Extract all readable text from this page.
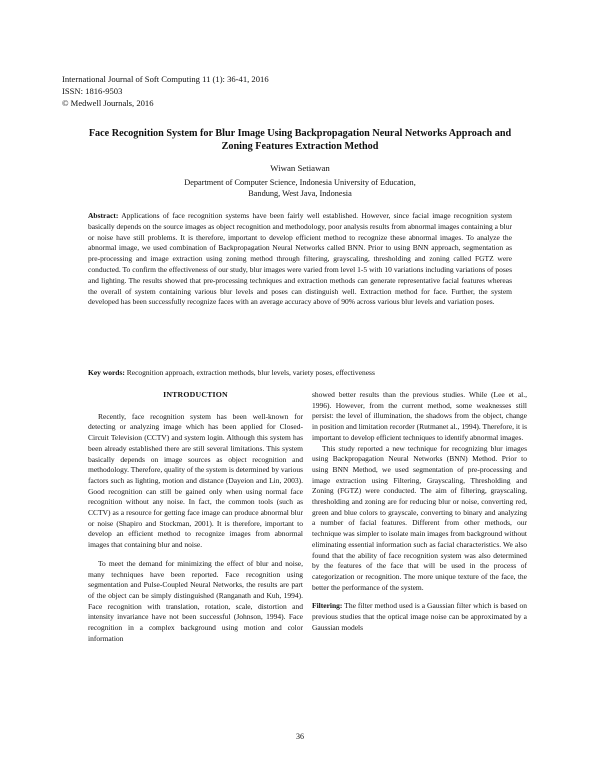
International Journal of Soft Computing 11 (1): 36-41, 2016
ISSN: 1816-9503
© Medwell Journals, 2016
Face Recognition System for Blur Image Using Backpropagation Neural Networks Approach and Zoning Features Extraction Method
Wiwan Setiawan
Department of Computer Science, Indonesia University of Education,
Bandung, West Java, Indonesia
Abstract: Applications of face recognition systems have been fairly well established. However, since facial image recognition system basically depends on the source images as object recognition and methodology, poor analysis results from abnormal images containing a blur or noise have still problems. It is therefore, important to develop efficient method to recognize these abnormal images. To analyze the abnormal image, we used combination of Backpropagation Neural Networks called BNN. Prior to using BNN approach, segmentation as pre-processing and image extraction using zoning method through filtering, grayscaling, thresholding and zoning called FGTZ were conducted. To confirm the effectiveness of our study, blur images were varied from level 1-5 with 10 variations including variations of poses and lighting. The results showed that pre-processing techniques and extraction methods can generate representative facial features whereas the overall of system containing various blur levels and poses can distinguish well. Extraction method for face. Further, the system developed has been successfully recognize faces with an average accuracy above of 90% across various blur levels and variation poses.
Key words: Recognition approach, extraction methods, blur levels, variety poses, effectiveness
INTRODUCTION

Recently, face recognition system has been well-known for detecting or analyzing image which has been applied for Closed-Circuit Television (CCTV) and system login. Although this system has been already established there are still several limitations. This system basically depends on image sources as object recognition and methodology. Therefore, quality of the system is determined by various factors such as lighting, motion and distance (Dayeion and Lin, 2003). Good recognition can still be gained only when using normal face recognition without any noise. In fact, the common tools (such as CCTV) as a resource for getting face image can produce abnormal blur or noise (Shapiro and Stockman, 2001). It is therefore, important to develop an efficient method to recognize images from abnormal images that containing blur and noise.

To meet the demand for minimizing the effect of blur and noise, many techniques have been reported. Face recognition using segmentation and Pulse-Coupled Neural Networks, the results are part of the object can be simply distinguished (Ranganath and Kuh, 1994). Face recognition with translation, rotation, scale, distortion and intensity invariance have not been successful (Johnson, 1994). Face recognition in a complex background using motion and color information

showed better results than the previous studies. While (Lee et al., 1996). However, from the current method, some weaknesses still persist: the level of illumination, the shadows from the object, change in position and limitation recorder (Rutmanet al., 1994). Therefore, it is important to develop efficient techniques to identify abnormal images.

This study reported a new technique for recognizing blur images using Backpropagation Neural Networks (BNN) Method. Prior to using BNN Method, we used segmentation of pre-processing and image extraction using Filtering, Grayscaling, Thresholding and Zoning (FGTZ) were conducted. The aim of filtering, grayscaling, thresholding and zoning are for reducing blur or noise, converting red, green and blue colors to grayscale, converting to binary and analyzing a number of facial features. Different from other methods, our technique was simpler to isolate main images from background without eliminating essential information such as facial characteristics. We also found that the ability of face recognition system was also determined by the features of the face that will be used in the process of categorization or recognition. The more unique texture of the face, the better the performance of the system.

Filtering: The filter method used is a Gaussian filter which is based on previous studies that the optical image noise can be approximated by a Gaussian models

36
